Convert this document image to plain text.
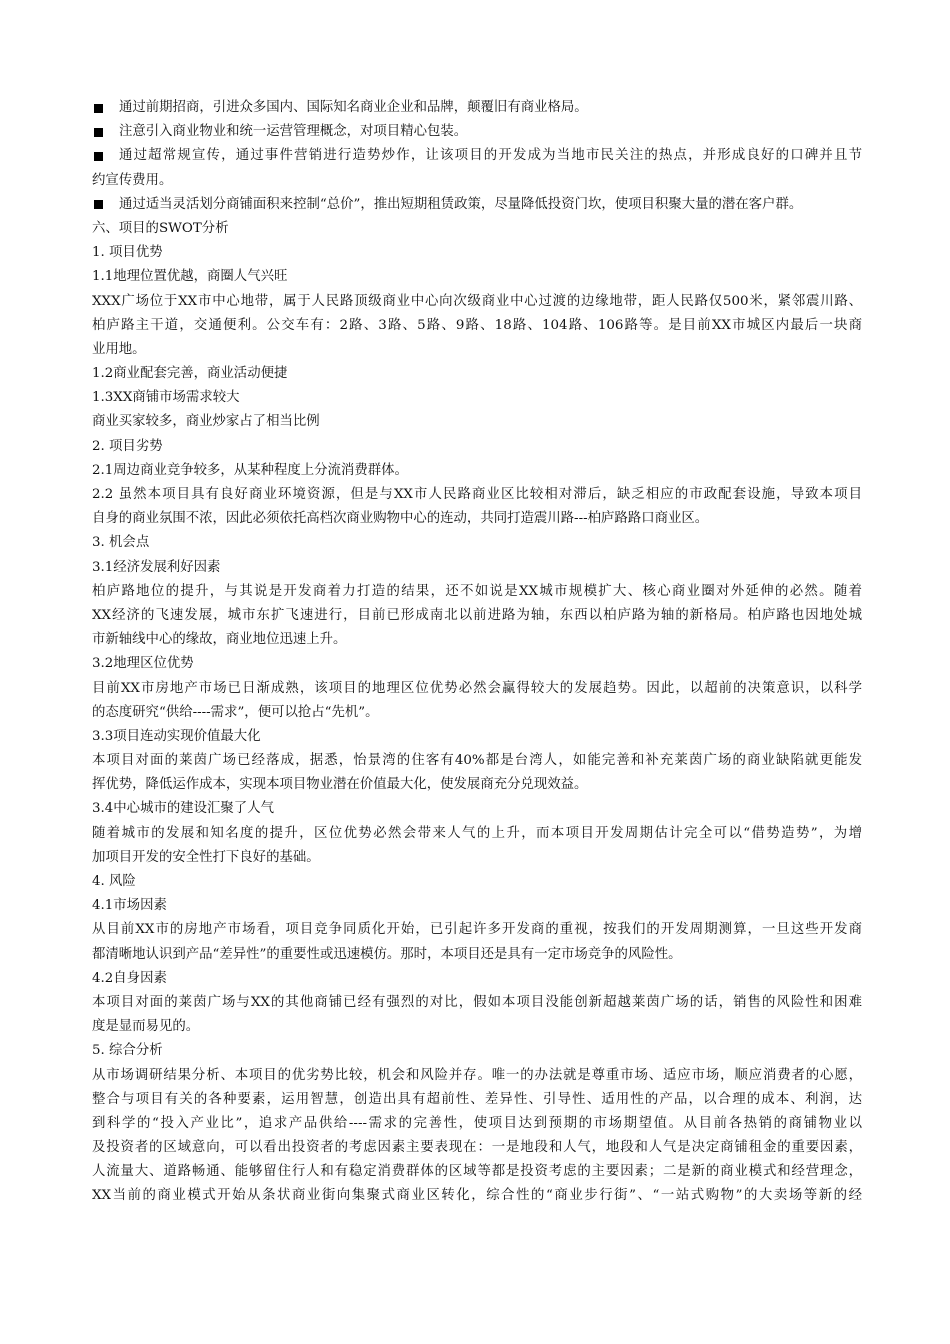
通过前期招商，引进众多国内、国际知名商业企业和品牌，颠覆旧有商业格局。
注意引入商业物业和统一运营管理概念，对项目精心包装。
通过超常规宣传，通过事件营销进行造势炒作，让该项目的开发成为当地市民关注的热点，并形成良好的口碑并且节
约宣传费用。
通过适当灵活划分商铺面积来控制“总价”，推出短期租赁政策，尽量降低投资门坎，使项目积聚大量的潜在客户群。
六、项目的SWOT分析
1. 项目优势
1.1地理位置优越，商圈人气兴旺
XXX广场位于XX市中心地带，属于人民路顶级商业中心向次级商业中心过渡的边缘地带，距人民路仅500米，紧邻震川路、
柏庐路主干道，交通便利。公交车有：2路、3路、5路、9路、18路、104路、106路等。是目前XX市城区内最后一块商
业用地。
1.2商业配套完善，商业活动便捷
1.3XX商铺市场需求较大
商业买家较多，商业炒家占了相当比例
2. 项目劣势
2.1周边商业竞争较多，从某种程度上分流消费群体。
2.2 虽然本项目具有良好商业环境资源，但是与XX市人民路商业区比较相对滞后，缺乏相应的市政配套设施，导致本项目
自身的商业氛围不浓，因此必须依托高档次商业购物中心的连动，共同打造震川路---柏庐路路口商业区。
3. 机会点
3.1经济发展利好因素
柏庐路地位的提升，与其说是开发商着力打造的结果，还不如说是XX城市规模扩大、核心商业圈对外延伸的必然。随着
XX经济的飞速发展，城市东扩飞速进行，目前已形成南北以前进路为轴，东西以柏庐路为轴的新格局。柏庐路也因地处城
市新轴线中心的缘故，商业地位迅速上升。
3.2地理区位优势
目前XX市房地产市场已日渐成熟，该项目的地理区位优势必然会赢得较大的发展趋势。因此，以超前的决策意识，以科学
的态度研究“供给----需求”，便可以抢占“先机”。
3.3项目连动实现价值最大化
本项目对面的莱茵广场已经落成，据悉，怡景湾的住客有40%都是台湾人，如能完善和补充莱茵广场的商业缺陷就更能发
挥优势，降低运作成本，实现本项目物业潜在价值最大化，使发展商充分兑现效益。
3.4中心城市的建设汇聚了人气
随着城市的发展和知名度的提升，区位优势必然会带来人气的上升，而本项目开发周期估计完全可以“借势造势”，为增
加项目开发的安全性打下良好的基础。
4. 风险
4.1市场因素
从目前XX市的房地产市场看，项目竞争同质化开始，已引起许多开发商的重视，按我们的开发周期测算，一旦这些开发商
都清晰地认识到产品“差异性”的重要性或迅速模仿。那时，本项目还是具有一定市场竞争的风险性。
4.2自身因素
本项目对面的莱茵广场与XX的其他商铺已经有强烈的对比，假如本项目没能创新超越莱茵广场的话，销售的风险性和困难
度是显而易见的。
5. 综合分析
从市场调研结果分析、本项目的优劣势比较，机会和风险并存。唯一的办法就是尊重市场、适应市场，顺应消费者的心愿，
整合与项目有关的各种要素，运用智慧，创造出具有超前性、差异性、引导性、适用性的产品，以合理的成本、利润，达
到科学的“投入产业比”，追求产品供给----需求的完善性，使项目达到预期的市场期望值。从目前各热销的商铺物业以
及投资者的区域意向，可以看出投资者的考虑因素主要表现在：一是地段和人气，地段和人气是决定商铺租金的重要因素，
人流量大、道路畅通、能够留住行人和有稳定消费群体的区域等都是投资考虑的主要因素；二是新的商业模式和经营理念，
XX当前的商业模式开始从条状商业街向集聚式商业区转化，综合性的“商业步行街”、“一站式购物”的大卖场等新的经
